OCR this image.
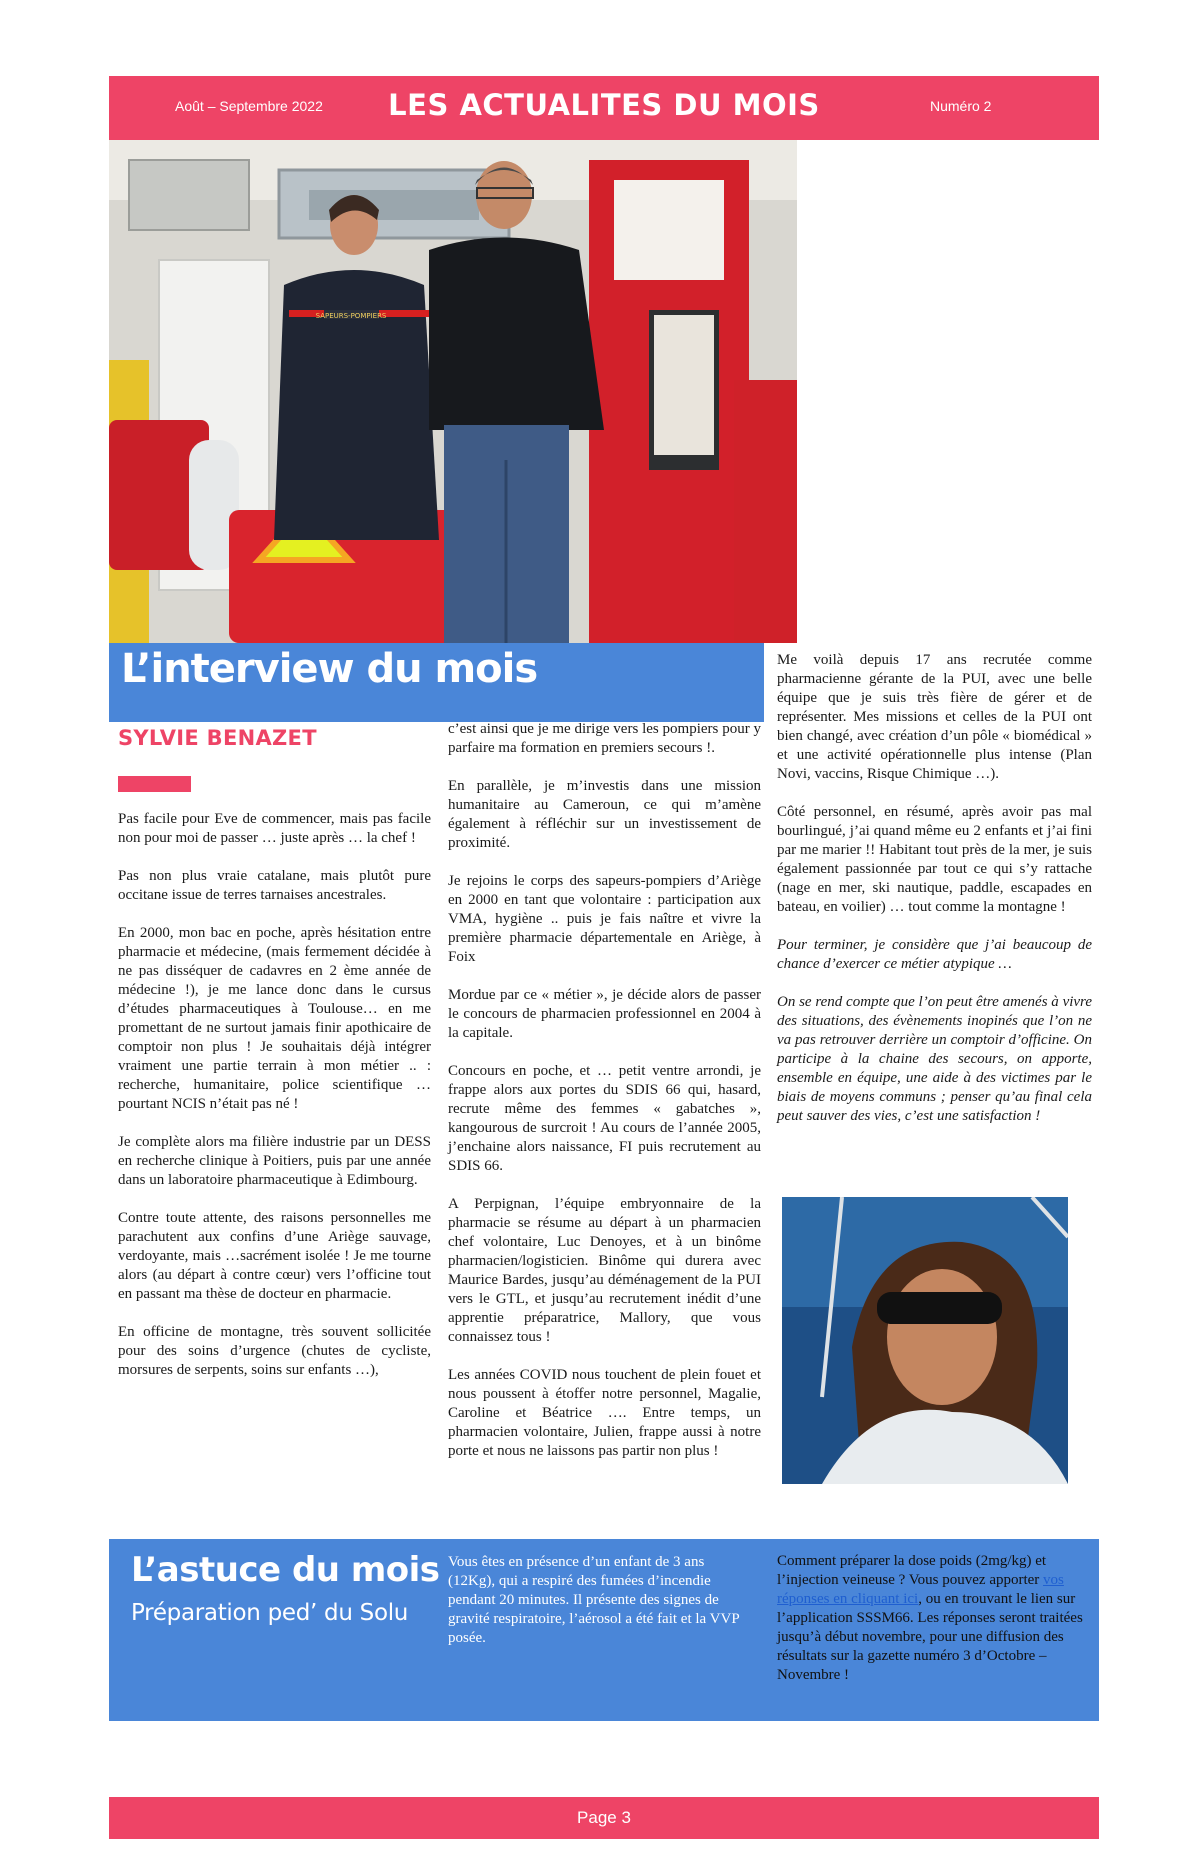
Août – Septembre 2022	LES ACTUALITES DU MOIS	Numéro 2
SAPEURS-POMPIERS
L’interview du mois
SYLVIE BENAZET

Pas facile pour Eve de commencer, mais pas facile non pour moi de passer … juste après … la chef !

Pas non plus vraie catalane, mais plutôt pure occitane issue de terres tarnaises ancestrales.

En 2000, mon bac en poche, après hésitation entre pharmacie et médecine, (mais fermement décidée à ne pas disséquer de cadavres en 2 ème année de médecine !), je me lance donc dans le cursus d’études pharmaceutiques à Toulouse… en me promettant de ne surtout jamais finir apothicaire de comptoir non plus ! Je souhaitais déjà intégrer vraiment une partie terrain à mon métier .. : recherche, humanitaire, police scientifique …pourtant NCIS n’était pas né !

Je complète alors ma filière industrie par un DESS en recherche clinique à Poitiers, puis par une année dans un laboratoire pharmaceutique à Edimbourg.

Contre toute attente, des raisons personnelles me parachutent aux confins d’une Ariège sauvage, verdoyante, mais …sacrément isolée ! Je me tourne alors (au départ à contre cœur) vers l’officine tout en passant ma thèse de docteur en pharmacie.

En officine de montagne, très souvent sollicitée pour des soins d’urgence (chutes de cycliste, morsures de serpents, soins sur enfants …),

c’est ainsi que je me dirige vers les pompiers pour y parfaire ma formation en premiers secours !.

En parallèle, je m’investis dans une mission humanitaire au Cameroun, ce qui m’amène également à réfléchir sur un investissement de proximité.

Je rejoins le corps des sapeurs-pompiers d’Ariège en 2000 en tant que volontaire : participation aux VMA, hygiène .. puis je fais naître et vivre la première pharmacie départementale en Ariège, à Foix

Mordue par ce « métier », je décide alors de passer le concours de pharmacien professionnel en 2004 à la capitale.

Concours en poche, et … petit ventre arrondi, je frappe alors aux portes du SDIS 66 qui, hasard, recrute même des femmes « gabatches », kangourous de surcroit ! Au cours de l’année 2005, j’enchaine alors naissance, FI puis recrutement au SDIS 66.

A Perpignan, l’équipe embryonnaire de la pharmacie se résume au départ à un pharmacien chef volontaire, Luc Denoyes, et à un binôme pharmacien/logisticien. Binôme qui durera avec Maurice Bardes, jusqu’au déménagement de la PUI vers le GTL, et jusqu’au recrutement inédit d’une apprentie préparatrice, Mallory, que vous connaissez tous !

Les années COVID nous touchent de plein fouet et nous poussent à étoffer notre personnel, Magalie, Caroline et Béatrice …. Entre temps, un pharmacien volontaire, Julien, frappe aussi à notre porte et nous ne laissons pas partir non plus !

Me voilà depuis 17 ans recrutée comme pharmacienne gérante de la PUI, avec une belle équipe que je suis très fière de gérer et de représenter. Mes missions et celles de la PUI ont bien changé, avec création d’un pôle « biomédical » et une activité opérationnelle plus intense (Plan Novi, vaccins, Risque Chimique …).

Côté personnel, en résumé, après avoir pas mal bourlingué, j’ai quand même eu 2 enfants et j’ai fini par me marier !! Habitant tout près de la mer, je suis également passionnée par tout ce qui s’y rattache (nage en mer, ski nautique, paddle, escapades en bateau, en voilier) … tout comme la montagne !

Pour terminer, je considère que j’ai beaucoup de chance d’exercer ce métier atypique …

On se rend compte que l’on peut être amenés à vivre des situations, des évènements inopinés que l’on ne va pas retrouver derrière un comptoir d’officine. On participe à la chaine des secours, on apporte, ensemble en équipe, une aide à des victimes par le biais de moyens communs ; penser qu’au final cela peut sauver des vies, c’est une satisfaction !

L’astuce du mois
Préparation ped’ du Solu
Vous êtes en présence d’un enfant de 3 ans (12Kg), qui a respiré des fumées d’incendie pendant 20 minutes. Il présente des signes de gravité respiratoire, l’aérosol a été fait et la VVP posée.
Comment préparer la dose poids (2mg/kg) et l’injection veineuse ? Vous pouvez apporter vos réponses en cliquant ici, ou en trouvant le lien sur l’application SSSM66. Les réponses seront traitées jusqu’à début novembre, pour une diffusion des résultats sur la gazette numéro 3 d’Octobre – Novembre !
Page 3
